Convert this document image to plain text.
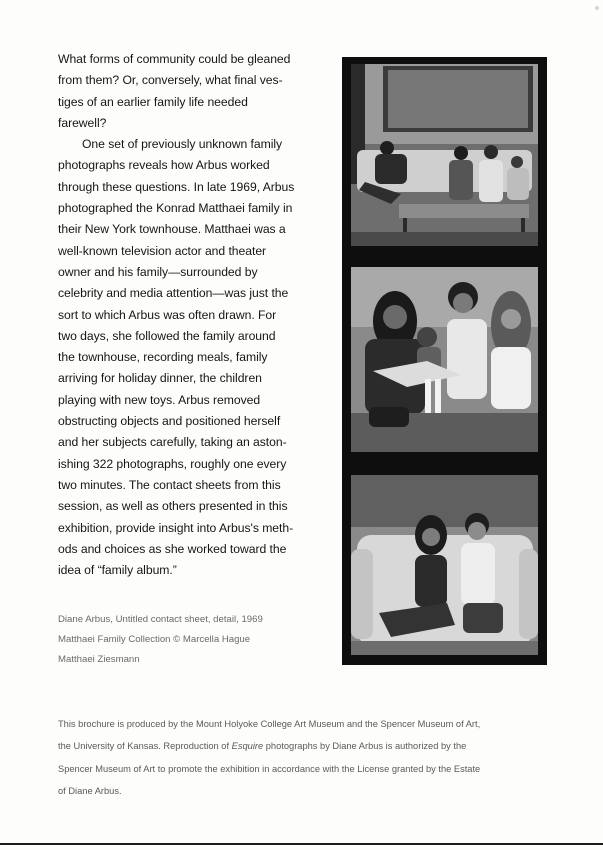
What forms of community could be gleaned
from them? Or, conversely, what final ves-
tiges of an earlier family life needed
farewell?

One set of previously unknown family
photographs reveals how Arbus worked
through these questions. In late 1969, Arbus
photographed the Konrad Matthaei family in
their New York townhouse. Matthaei was a
well-known television actor and theater
owner and his family—surrounded by
celebrity and media attention—was just the
sort to which Arbus was often drawn. For
two days, she followed the family around
the townhouse, recording meals, family
arriving for holiday dinner, the children
playing with new toys. Arbus removed
obstructing objects and positioned herself
and her subjects carefully, taking an aston-
ishing 322 photographs, roughly one every
two minutes. The contact sheets from this
session, as well as others presented in this
exhibition, provide insight into Arbus's meth-
ods and choices as she worked toward the
idea of “family album.”

Diane Arbus, Untitled contact sheet, detail, 1969
Matthaei Family Collection © Marcella Hague
Matthaei Ziesmann
This brochure is produced by the Mount Holyoke College Art Museum and the Spencer Museum of Art,
the University of Kansas. Reproduction of Esquire photographs by Diane Arbus is authorized by the
Spencer Museum of Art to promote the exhibition in accordance with the License granted by the Estate
of Diane Arbus.
